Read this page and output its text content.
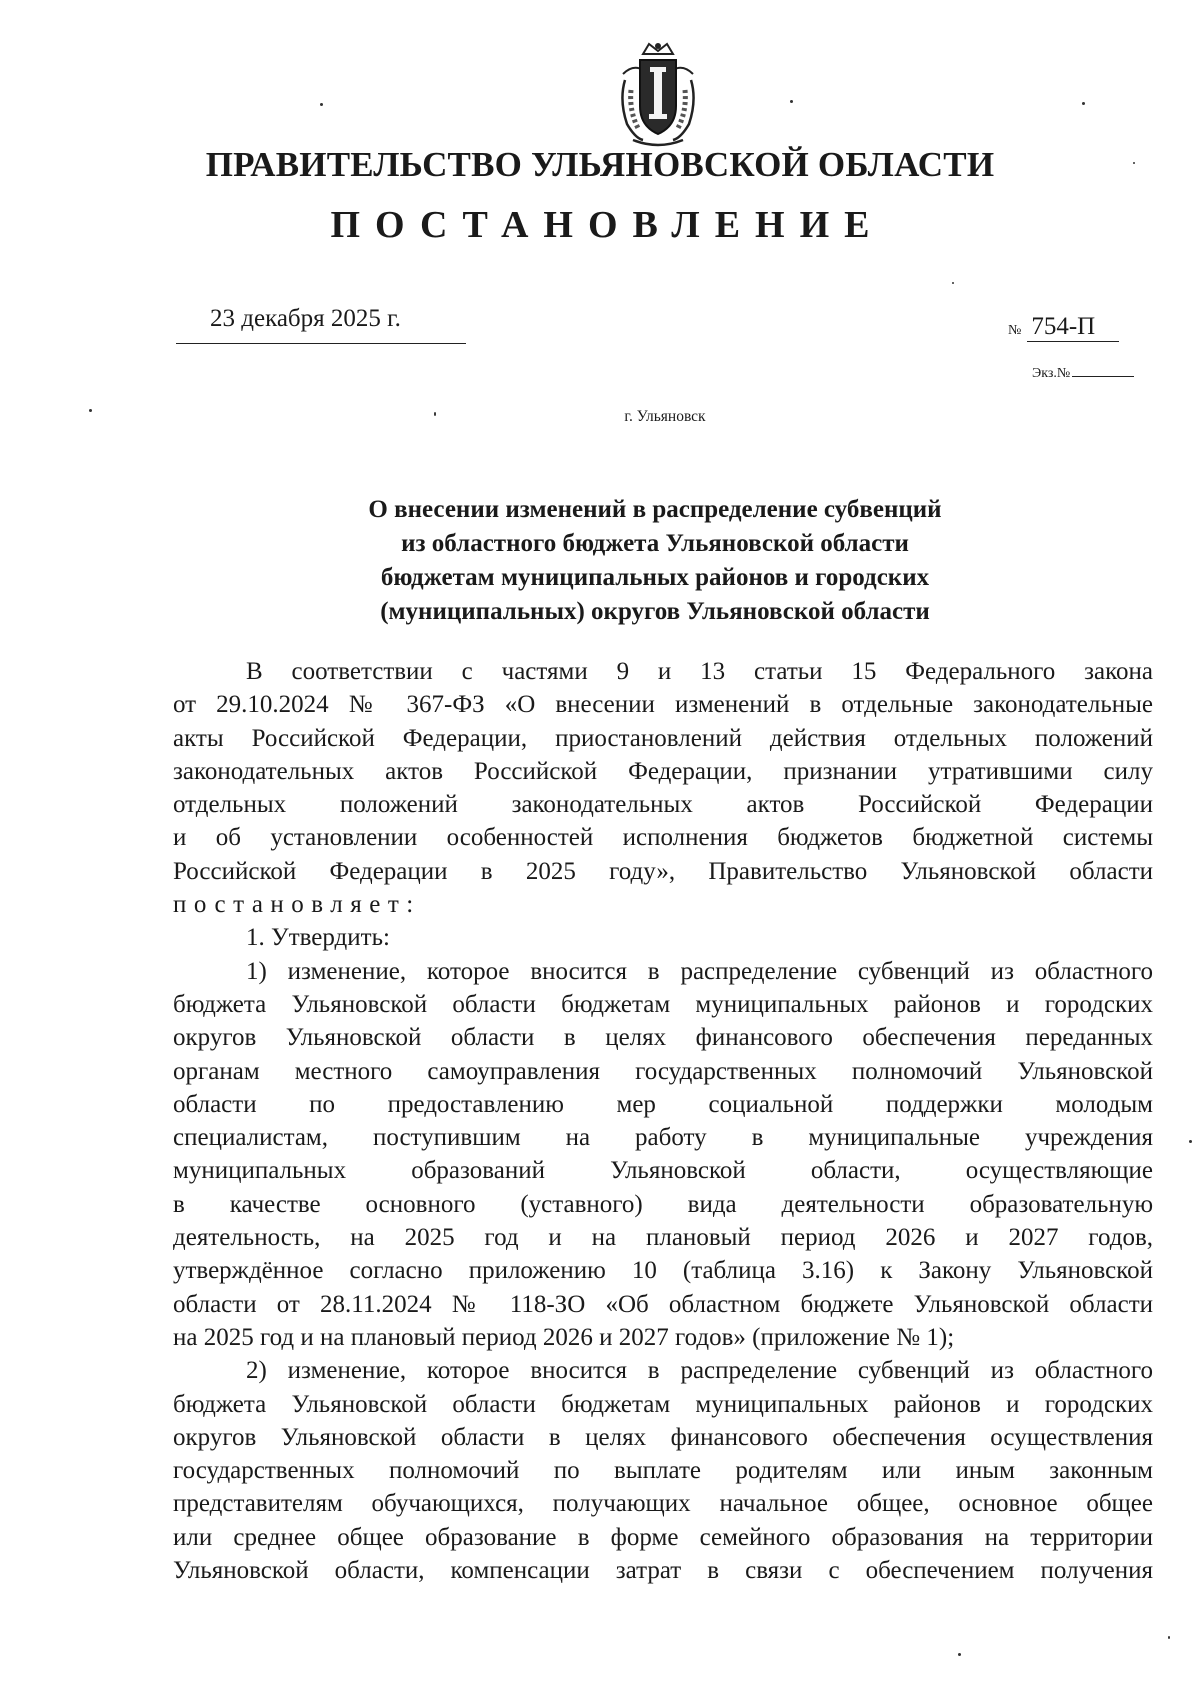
ПРАВИТЕЛЬСТВО УЛЬЯНОВСКОЙ ОБЛАСТИ
ПОСТАНОВЛЕНИЕ
23 декабря 2025 г.	№ 754-П
Экз.№
г. Ульяновск
О внесении изменений в распределение субвенций
из областного бюджета Ульяновской области
бюджетам муниципальных районов и городских
(муниципальных) округов Ульяновской области
В соответствии с частями 9 и 13 статьи 15 Федерального закона
от 29.10.2024 № 367-ФЗ «О внесении изменений в отдельные законодательные
акты Российской Федерации, приостановлений действия отдельных положений
законодательных актов Российской Федерации, признании утратившими силу
отдельных положений законодательных актов Российской Федерации
и об установлении особенностей исполнения бюджетов бюджетной системы
Российской Федерации в 2025 году», Правительство Ульяновской области
постановляет:
1. Утвердить:
1) изменение, которое вносится в распределение субвенций из областного
бюджета Ульяновской области бюджетам муниципальных районов и городских
округов Ульяновской области в целях финансового обеспечения переданных
органам местного самоуправления государственных полномочий Ульяновской
области по предоставлению мер социальной поддержки молодым
специалистам, поступившим на работу в муниципальные учреждения
муниципальных образований Ульяновской области, осуществляющие
в качестве основного (уставного) вида деятельности образовательную
деятельность, на 2025 год и на плановый период 2026 и 2027 годов,
утверждённое согласно приложению 10 (таблица 3.16) к Закону Ульяновской
области от 28.11.2024 № 118-ЗО «Об областном бюджете Ульяновской области
на 2025 год и на плановый период 2026 и 2027 годов» (приложение № 1);
2) изменение, которое вносится в распределение субвенций из областного
бюджета Ульяновской области бюджетам муниципальных районов и городских
округов Ульяновской области в целях финансового обеспечения осуществления
государственных полномочий по выплате родителям или иным законным
представителям обучающихся, получающих начальное общее, основное общее
или среднее общее образование в форме семейного образования на территории
Ульяновской области, компенсации затрат в связи с обеспечением получения
